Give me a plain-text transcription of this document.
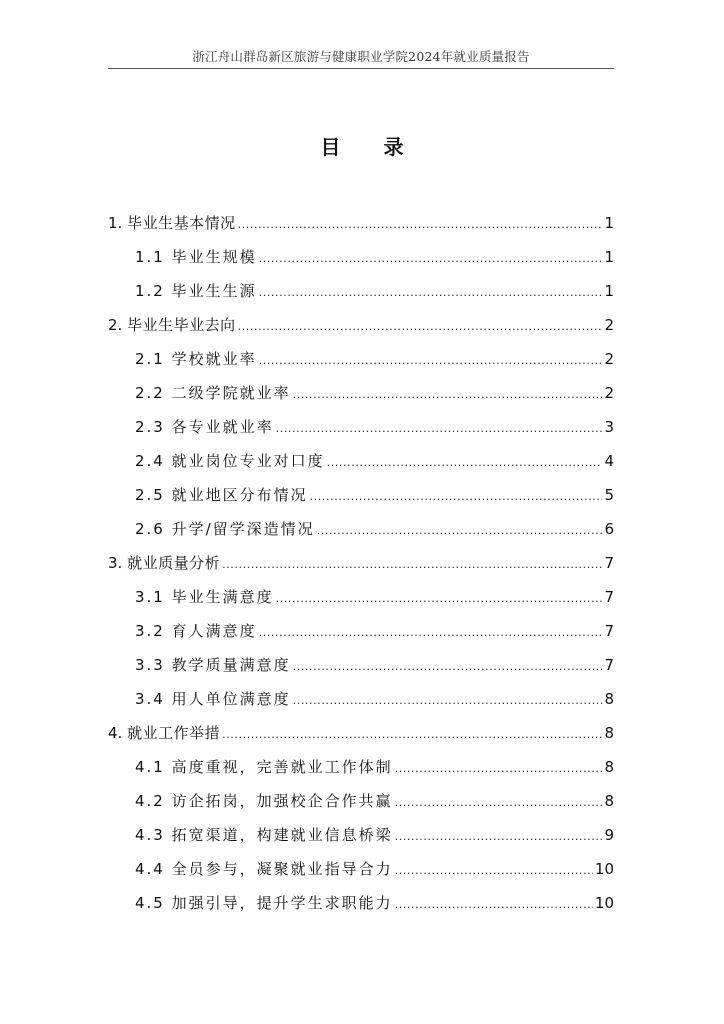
浙江舟山群岛新区旅游与健康职业学院2024年就业质量报告
目 录
1. 毕业生基本情况 .....	1
1.1 毕业生规模 .....	1
1.2 毕业生生源 .....	1
2. 毕业生毕业去向 .....	2
2.1 学校就业率 .....	2
2.2 二级学院就业率 .....	2
2.3 各专业就业率 .....	3
2.4 就业岗位专业对口度 .....	4
2.5 就业地区分布情况 .....	5
2.6 升学/留学深造情况 .....	6
3. 就业质量分析 .....	7
3.1 毕业生满意度 .....	7
3.2 育人满意度 .....	7
3.3 教学质量满意度 .....	7
3.4 用人单位满意度 .....	8
4. 就业工作举措 .....	8
4.1 高度重视，完善就业工作体制 .....	8
4.2 访企拓岗，加强校企合作共赢 .....	8
4.3 拓宽渠道，构建就业信息桥梁 .....	9
4.4 全员参与，凝聚就业指导合力 .....	10
4.5 加强引导，提升学生求职能力 .....	10
